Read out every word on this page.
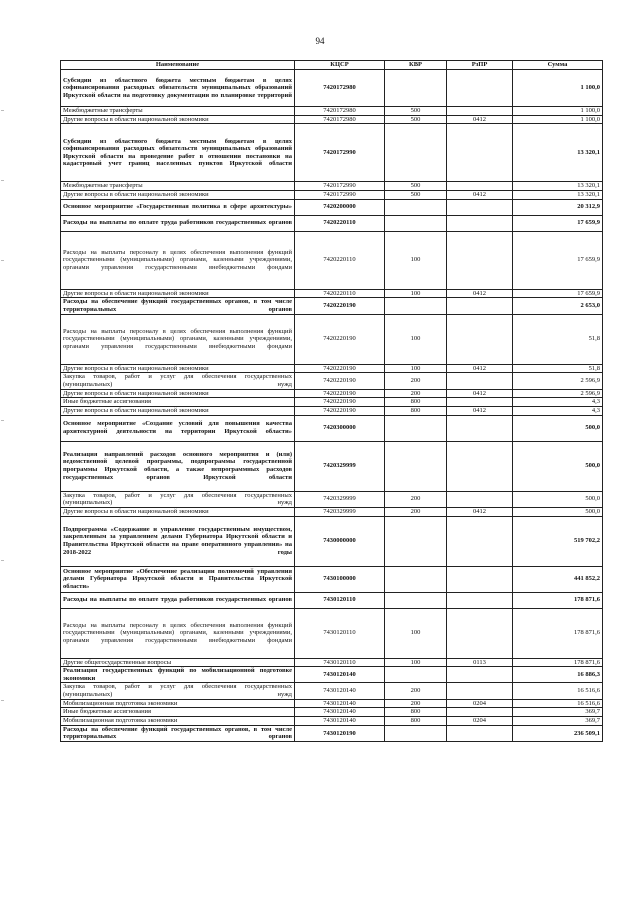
94
Наименование	КЦСР	КВР	РзПР	Сумма
Субсидии из областного бюджета местным бюджетам в целях софинансирования расходных обязательств муниципальных образований Иркутской области на подготовку документации по планировке территорий	7420172980			1 100,0
Межбюджетные трансферты	7420172980	500		1 100,0
Другие вопросы в области национальной экономики	7420172980	500	0412	1 100,0
Субсидии из областного бюджета местным бюджетам в целях софинансирования расходных обязательств муниципальных образований Иркутской области на проведение работ в отношении постановки на кадастровый учет границ населенных пунктов Иркутской области	7420172990			13 320,1
Межбюджетные трансферты	7420172990	500		13 320,1
Другие вопросы в области национальной экономики	7420172990	500	0412	13 320,1
Основное мероприятие «Государственная политика в сфере архитектуры»	7420200000			20 312,9
Расходы на выплаты по оплате труда работников государственных органов	7420220110			17 659,9
Расходы на выплаты персоналу в целях обеспечения выполнения функций государственными (муниципальными) органами, казенными учреждениями, органами управления государственными внебюджетными фондами	7420220110	100		17 659,9
Другие вопросы в области национальной экономики	7420220110	100	0412	17 659,9
Расходы на обеспечение функций государственных органов, в том числе территориальных органов	7420220190			2 653,0
Расходы на выплаты персоналу в целях обеспечения выполнения функций государственными (муниципальными) органами, казенными учреждениями, органами управления государственными внебюджетными фондами	7420220190	100		51,8
Другие вопросы в области национальной экономики	7420220190	100	0412	51,8
Закупка товаров, работ и услуг для обеспечения государственных (муниципальных) нужд	7420220190	200		2 596,9
Другие вопросы в области национальной экономики	7420220190	200	0412	2 596,9
Иные бюджетные ассигнования	7420220190	800		4,3
Другие вопросы в области национальной экономики	7420220190	800	0412	4,3
Основное мероприятие «Создание условий для повышения качества архитектурной деятельности на территории Иркутской области»	7420300000			500,0
Реализация направлений расходов основного мероприятия и (или) ведомственной целевой программы, подпрограммы государственной программы Иркутской области, а также непрограммных расходов государственных органов Иркутской области	7420329999			500,0
Закупка товаров, работ и услуг для обеспечения государственных (муниципальных) нужд	7420329999	200		500,0
Другие вопросы в области национальной экономики	7420329999	200	0412	500,0
Подпрограмма «Содержание и управление государственным имуществом, закрепленным за управлением делами Губернатора Иркутской области и Правительства Иркутской области на праве оперативного управления» на 2018-2022 годы	7430000000			519 702,2
Основное мероприятие «Обеспечение реализации полномочий управления делами Губернатора Иркутской области и Правительства Иркутской области»	7430100000			441 852,2
Расходы на выплаты по оплате труда работников государственных органов	7430120110			178 871,6
Расходы на выплаты персоналу в целях обеспечения выполнения функций государственными (муниципальными) органами, казенными учреждениями, органами управления государственными внебюджетными фондами	7430120110	100		178 871,6
Другие общегосударственные вопросы	7430120110	100	0113	178 871,6
Реализация государственных функций по мобилизационной подготовке экономики	7430120140			16 886,3
Закупка товаров, работ и услуг для обеспечения государственных (муниципальных) нужд	7430120140	200		16 516,6
Мобилизационная подготовка экономики	7430120140	200	0204	16 516,6
Иные бюджетные ассигнования	7430120140	800		369,7
Мобилизационная подготовка экономики	7430120140	800	0204	369,7
Расходы на обеспечение функций государственных органов, в том числе территориальных органов	7430120190			236 509,1
